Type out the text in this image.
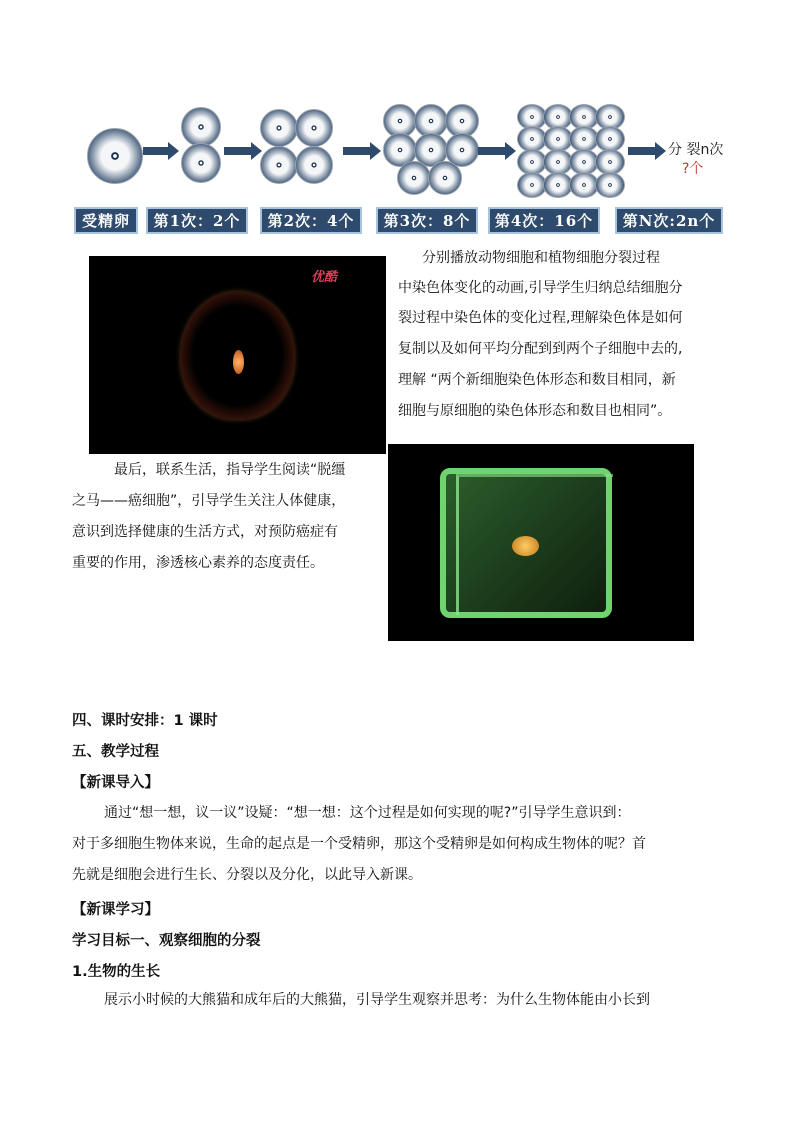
分 裂n次
?个
受精卵	第1次：2个	第2次：4个	第3次：8个	第4次：16个	第N次:2n个
优酷
分别播放动物细胞和植物细胞分裂过程
中染色体变化的动画,引导学生归纳总结细胞分
裂过程中染色体的变化过程,理解染色体是如何
复制以及如何平均分配到到两个子细胞中去的,
理解 “两个新细胞染色体形态和数目相同，新
细胞与原细胞的染色体形态和数目也相同”。
最后，联系生活，指导学生阅读“脱缰
之马——癌细胞”，引导学生关注人体健康，
意识到选择健康的生活方式，对预防癌症有
重要的作用，渗透核心素养的态度责任。
四、课时安排：1 课时
五、教学过程
【新课导入】
通过“想一想，议一议”设疑：“想一想：这个过程是如何实现的呢?”引导学生意识到：
对于多细胞生物体来说，生命的起点是一个受精卵，那这个受精卵是如何构成生物体的呢？首
先就是细胞会进行生长、分裂以及分化，以此导入新课。
【新课学习】
学习目标一、观察细胞的分裂
1.生物的生长
展示小时候的大熊猫和成年后的大熊猫，引导学生观察并思考：为什么生物体能由小长到
